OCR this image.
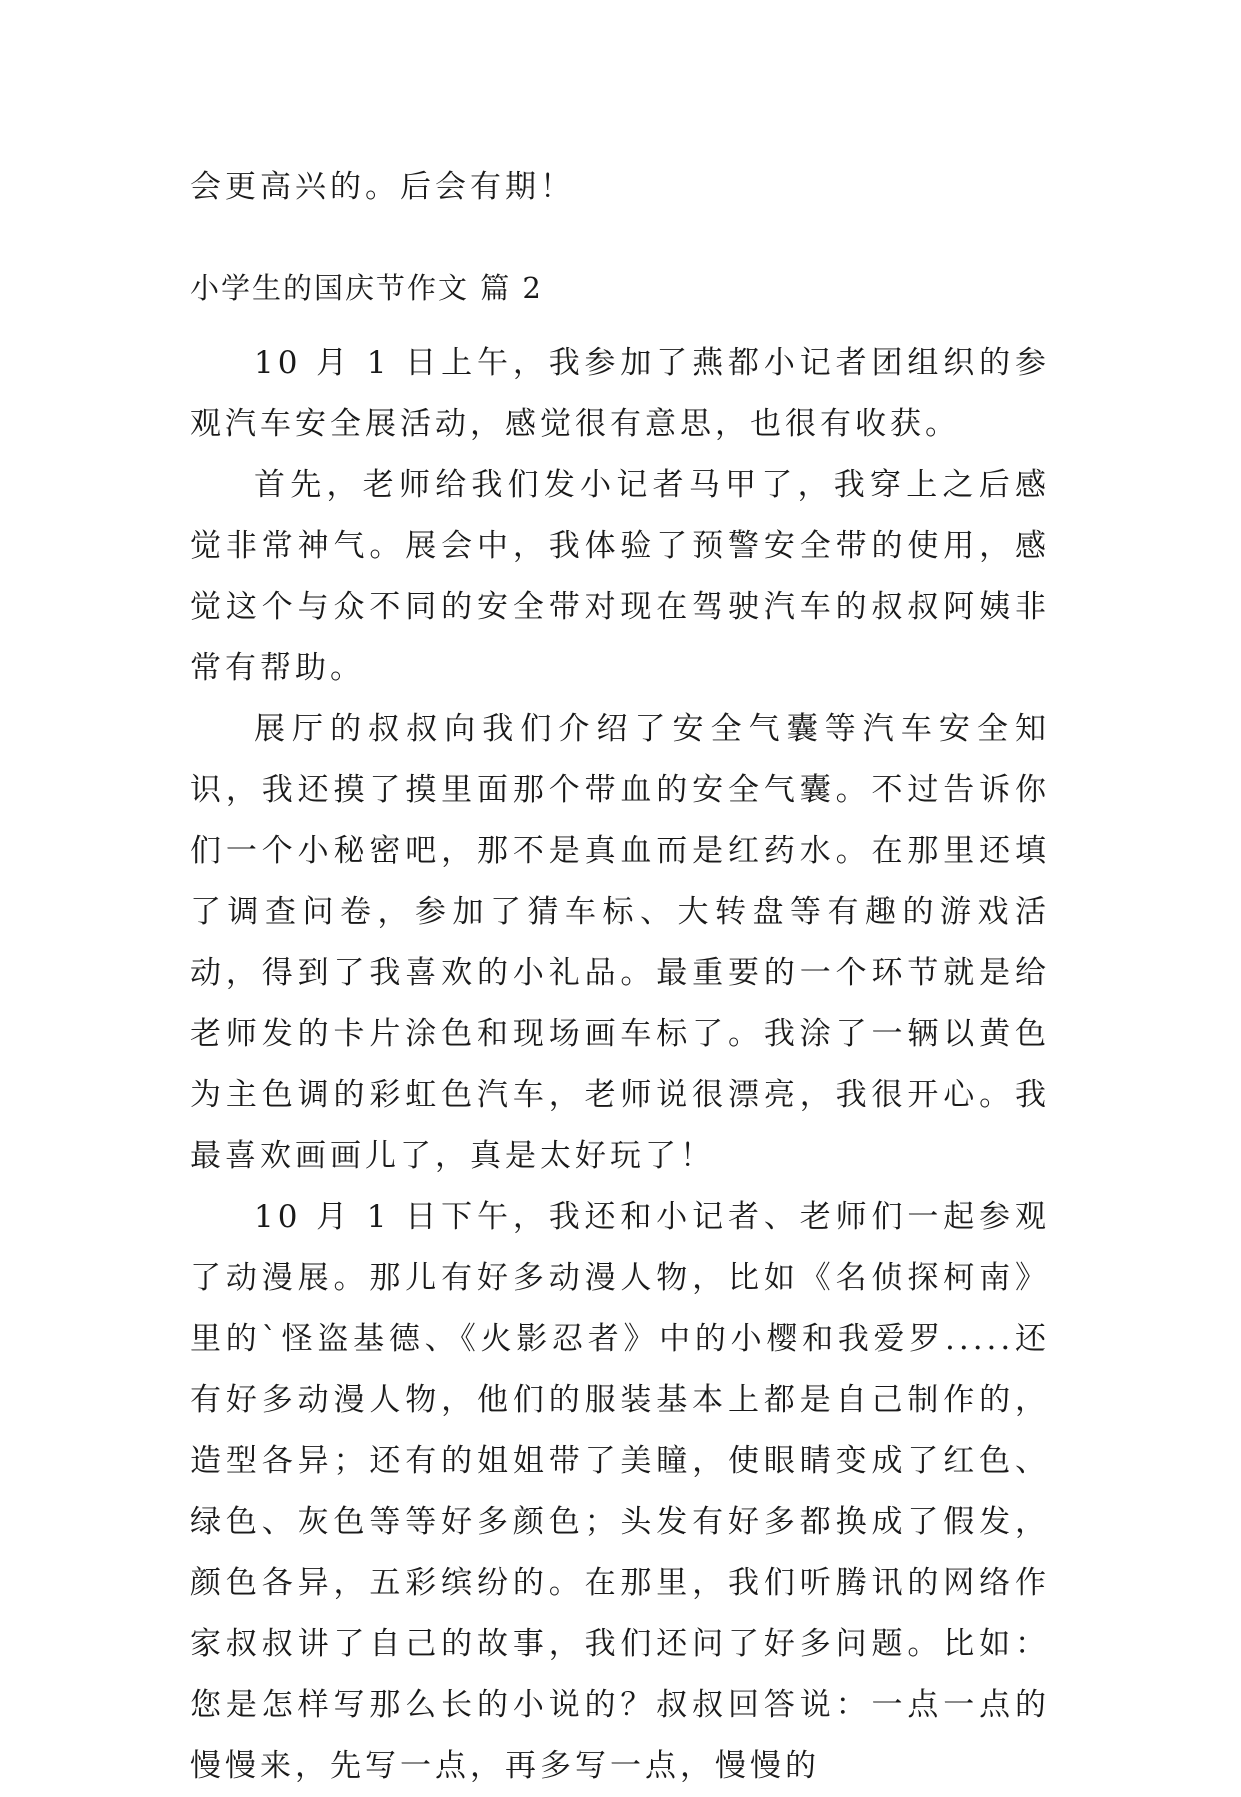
会更高兴的。后会有期！
小学生的国庆节作文 篇 2

10 月 1 日上午，我参加了燕都小记者团组织的参观汽车安全展活动，感觉很有意思，也很有收获。

首先，老师给我们发小记者马甲了，我穿上之后感觉非常神气。展会中，我体验了预警安全带的使用，感觉这个与众不同的安全带对现在驾驶汽车的叔叔阿姨非常有帮助。

展厅的叔叔向我们介绍了安全气囊等汽车安全知识，我还摸了摸里面那个带血的安全气囊。不过告诉你们一个小秘密吧，那不是真血而是红药水。在那里还填了调查问卷，参加了猜车标、大转盘等有趣的游戏活动，得到了我喜欢的小礼品。最重要的一个环节就是给老师发的卡片涂色和现场画车标了。我涂了一辆以黄色为主色调的彩虹色汽车，老师说很漂亮，我很开心。我最喜欢画画儿了，真是太好玩了！

10 月 1 日下午，我还和小记者、老师们一起参观了动漫展。那儿有好多动漫人物，比如《名侦探柯南》里的`怪盗基德、《火影忍者》中的小樱和我爱罗.....还有好多动漫人物，他们的服装基本上都是自己制作的，造型各异；还有的姐姐带了美瞳，使眼睛变成了红色、绿色、灰色等等好多颜色；头发有好多都换成了假发，颜色各异，五彩缤纷的。在那里，我们听腾讯的网络作家叔叔讲了自己的故事，我们还问了好多问题。比如：您是怎样写那么长的小说的？叔叔回答说：一点一点的慢慢来，先写一点，再多写一点，慢慢的
